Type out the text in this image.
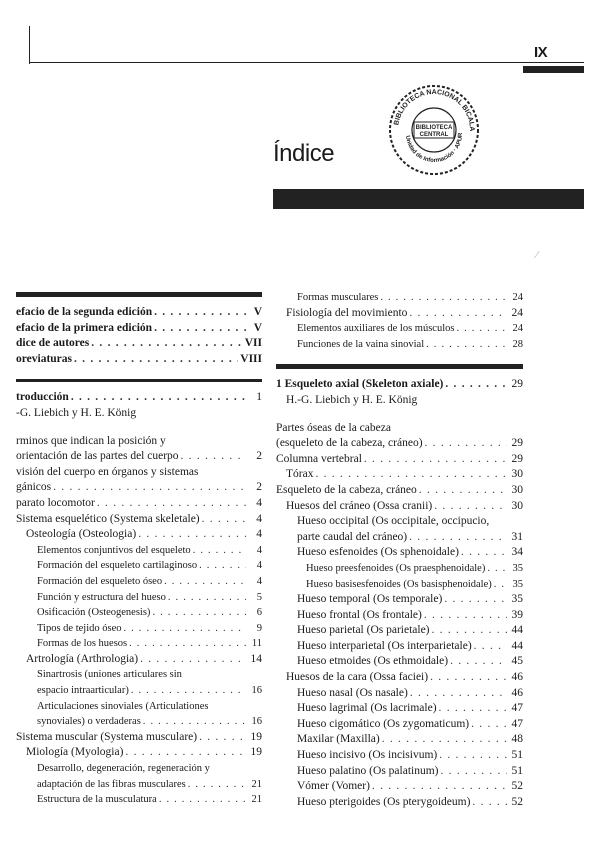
IX
BIBLIOTECA NACIONAL BICALA
Unidad de Información · APUR
BIBLIOTECA
CENTRAL
Índice
⁄
efacio de la segunda edición . . .	V
efacio de la primera edición . . .	V
dice de autores . . .	VII
oreviaturas . . .	VIII
troducción . . .	1
-G. Liebich y H. E. König
rminos que indican la posición y
orientación de las partes del cuerpo . . .	2
visión del cuerpo en órganos y sistemas
gánicos . . .	2
parato locomotor . . .	4
Sistema esquelético (Systema skeletale) . . .	4
Osteología (Osteologia) . . .	4
Elementos conjuntivos del esqueleto . . .	4
Formación del esqueleto cartilaginoso . . .	4
Formación del esqueleto óseo . . .	4
Función y estructura del hueso . . .	5
Osificación (Osteogenesis) . . .	6
Tipos de tejido óseo . . .	9
Formas de los huesos . . .	11
Artrología (Arthrologia) . . .	14
Sinartrosis (uniones articulares sin
espacio intraarticular) . . .	16
Articulaciones sinoviales (Articulationes
synoviales) o verdaderas . . .	16
Sistema muscular (Systema musculare) . . .	19
Miología (Myologia) . . .	19
Desarrollo, degeneración, regeneración y
adaptación de las fibras musculares . . .	21
Estructura de la musculatura . . .	21
Formas musculares . . .	24
Fisiología del movimiento . . .	24
Elementos auxiliares de los músculos . . .	24
Funciones de la vaina sinovial . . .	28
1 Esqueleto axial (Skeleton axiale) . . .	29
H.-G. Liebich y H. E. König
Partes óseas de la cabeza
(esqueleto de la cabeza, cráneo) . . .	29
Columna vertebral . . .	29
Tórax . . .	30
Esqueleto de la cabeza, cráneo . . .	30
Huesos del cráneo (Ossa cranii) . . .	30
Hueso occipital (Os occipitale, occipucio,
parte caudal del cráneo) . . .	31
Hueso esfenoides (Os sphenoidale) . . .	34
Hueso preesfenoides (Os praesphenoidale) . . .	35
Hueso basisesfenoides (Os basisphenoidale) . . .	35
Hueso temporal (Os temporale) . . .	35
Hueso frontal (Os frontale) . . .	39
Hueso parietal (Os parietale) . . .	44
Hueso interparietal (Os interparietale) . . .	44
Hueso etmoides (Os ethmoidale) . . .	45
Huesos de la cara (Ossa faciei) . . .	46
Hueso nasal (Os nasale) . . .	46
Hueso lagrimal (Os lacrimale) . . .	47
Hueso cigomático (Os zygomaticum) . . .	47
Maxilar (Maxilla) . . .	48
Hueso incisivo (Os incisivum) . . .	51
Hueso palatino (Os palatinum) . . .	51
Vómer (Vomer) . . .	52
Hueso pterigoides (Os pterygoideum) . . .	52
